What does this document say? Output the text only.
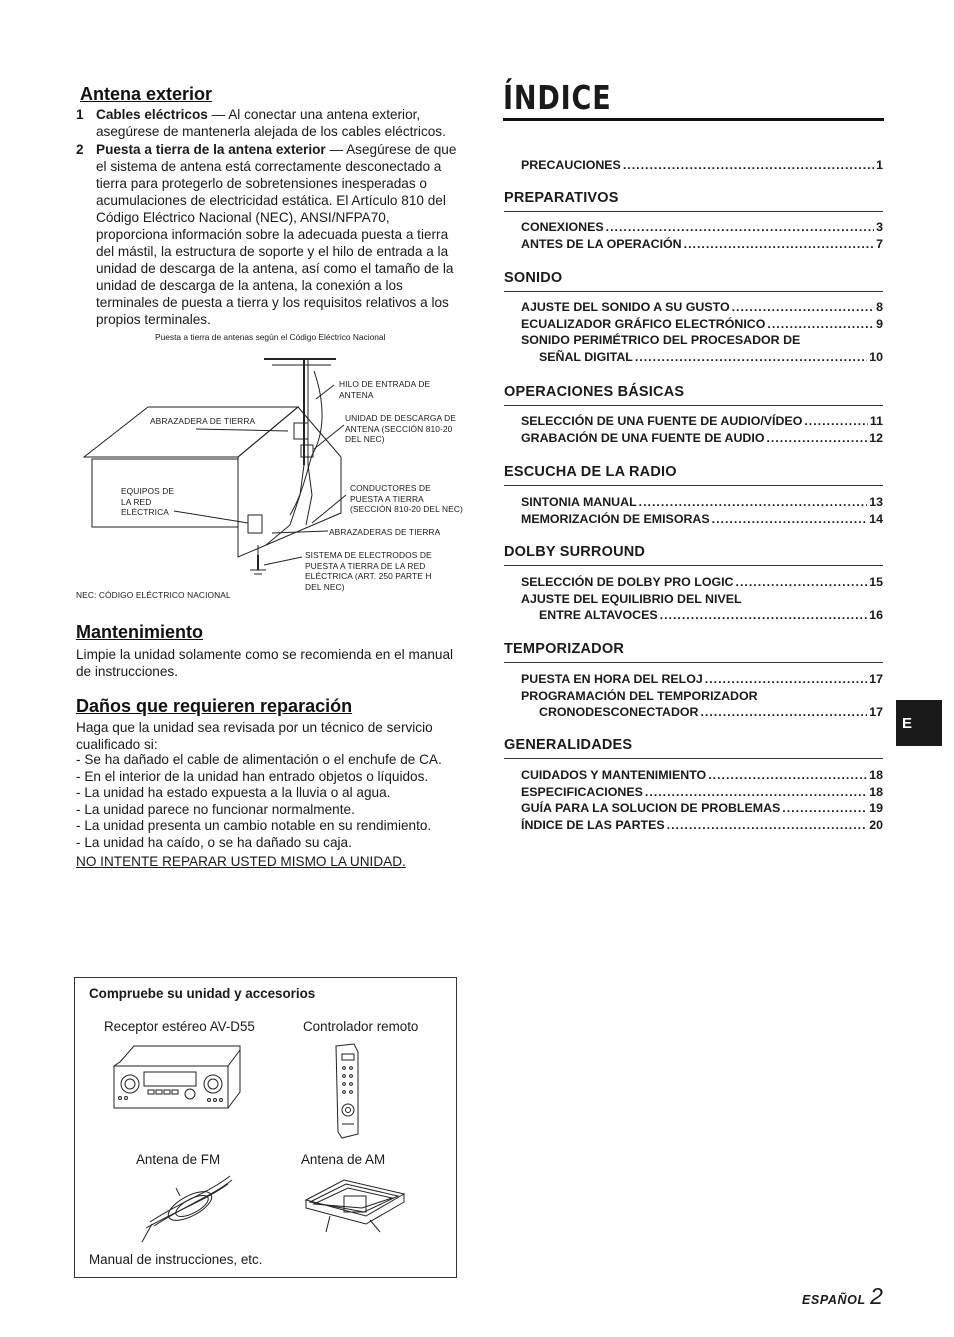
Antena exterior

1 Cables eléctricos — Al conectar una antena exterior, asegúrese de mantenerla alejada de los cables eléctricos.

2 Puesta a tierra de la antena exterior — Asegúrese de que el sistema de antena está correctamente desconectado a tierra para protegerlo de sobretensiones inesperadas o acumulaciones de electricidad estática. El Artículo 810 del Código Eléctrico Nacional (NEC), ANSI/NFPA70, proporciona información sobre la adecuada puesta a tierra del mástil, la estructura de soporte y el hilo de entrada a la unidad de descarga de la antena, así como el tamaño de la unidad de descarga de la antena, la conexión a los terminales de puesta a tierra y los requisitos relativos a los propios terminales.

Puesta a tierra de antenas según el Código Eléctrico Nacional
HILO DE ENTRADA DE
ANTENA
ABRAZADERA DE TIERRA	UNIDAD DE DESCARGA DE
ANTENA (SECCIÓN 810-20
DEL NEC)
EQUIPOS DE
LA RED
ELÉCTRICA
CONDUCTORES DE
PUESTA A TIERRA
(SECCIÓN 810-20 DEL NEC)
ABRAZADERAS DE TIERRA
SISTEMA DE ELECTRODOS DE
PUESTA A TIERRA DE LA RED
ELÉCTRICA (ART. 250 PARTE H
DEL NEC)
NEC: CÓDIGO ELÉCTRICO NACIONAL
Mantenimiento

Limpie la unidad solamente como se recomienda en el manual de instrucciones.

Daños que requieren reparación

Haga que la unidad sea revisada por un técnico de servicio cualificado si:

- Se ha dañado el cable de alimentación o el enchufe de CA.
- En el interior de la unidad han entrado objetos o líquidos.
- La unidad ha estado expuesta a la lluvia o al agua.
- La unidad parece no funcionar normalmente.
- La unidad presenta un cambio notable en su rendimiento.
- La unidad ha caído, o se ha dañado su caja.

NO INTENTE REPARAR USTED MISMO LA UNIDAD.

Compruebe su unidad y accesorios
Receptor estéreo AV-D55	Controlador remoto
Antena de FM	Antena de AM
Manual de instrucciones, etc.
ÍNDICE
PRECAUCIONES .....	1
PREPARATIVOS
CONEXIONES .....	3
ANTES DE LA OPERACIÓN .....	7
SONIDO
AJUSTE DEL SONIDO A SU GUSTO .....	8
ECUALIZADOR GRÁFICO ELECTRÓNICO .....	9
SONIDO PERIMÉTRICO DEL PROCESADOR DE
SEÑAL DIGITAL .....	10
OPERACIONES BÁSICAS
SELECCIÓN DE UNA FUENTE DE AUDIO/VÍDEO .....	11
GRABACIÓN DE UNA FUENTE DE AUDIO .....	12
ESCUCHA DE LA RADIO
SINTONIA MANUAL .....	13
MEMORIZACIÓN DE EMISORAS .....	14
DOLBY SURROUND
SELECCIÓN DE DOLBY PRO LOGIC .....	15
AJUSTE DEL EQUILIBRIO DEL NIVEL
ENTRE ALTAVOCES .....	16
TEMPORIZADOR
PUESTA EN HORA DEL RELOJ .....	17
PROGRAMACIÓN DEL TEMPORIZADOR
CRONODESCONECTADOR .....	17
GENERALIDADES
CUIDADOS Y MANTENIMIENTO .....	18
ESPECIFICACIONES .....	18
GUÍA PARA LA SOLUCION DE PROBLEMAS .....	19
ÍNDICE DE LAS PARTES .....	20
E
ESPAÑOL 2
